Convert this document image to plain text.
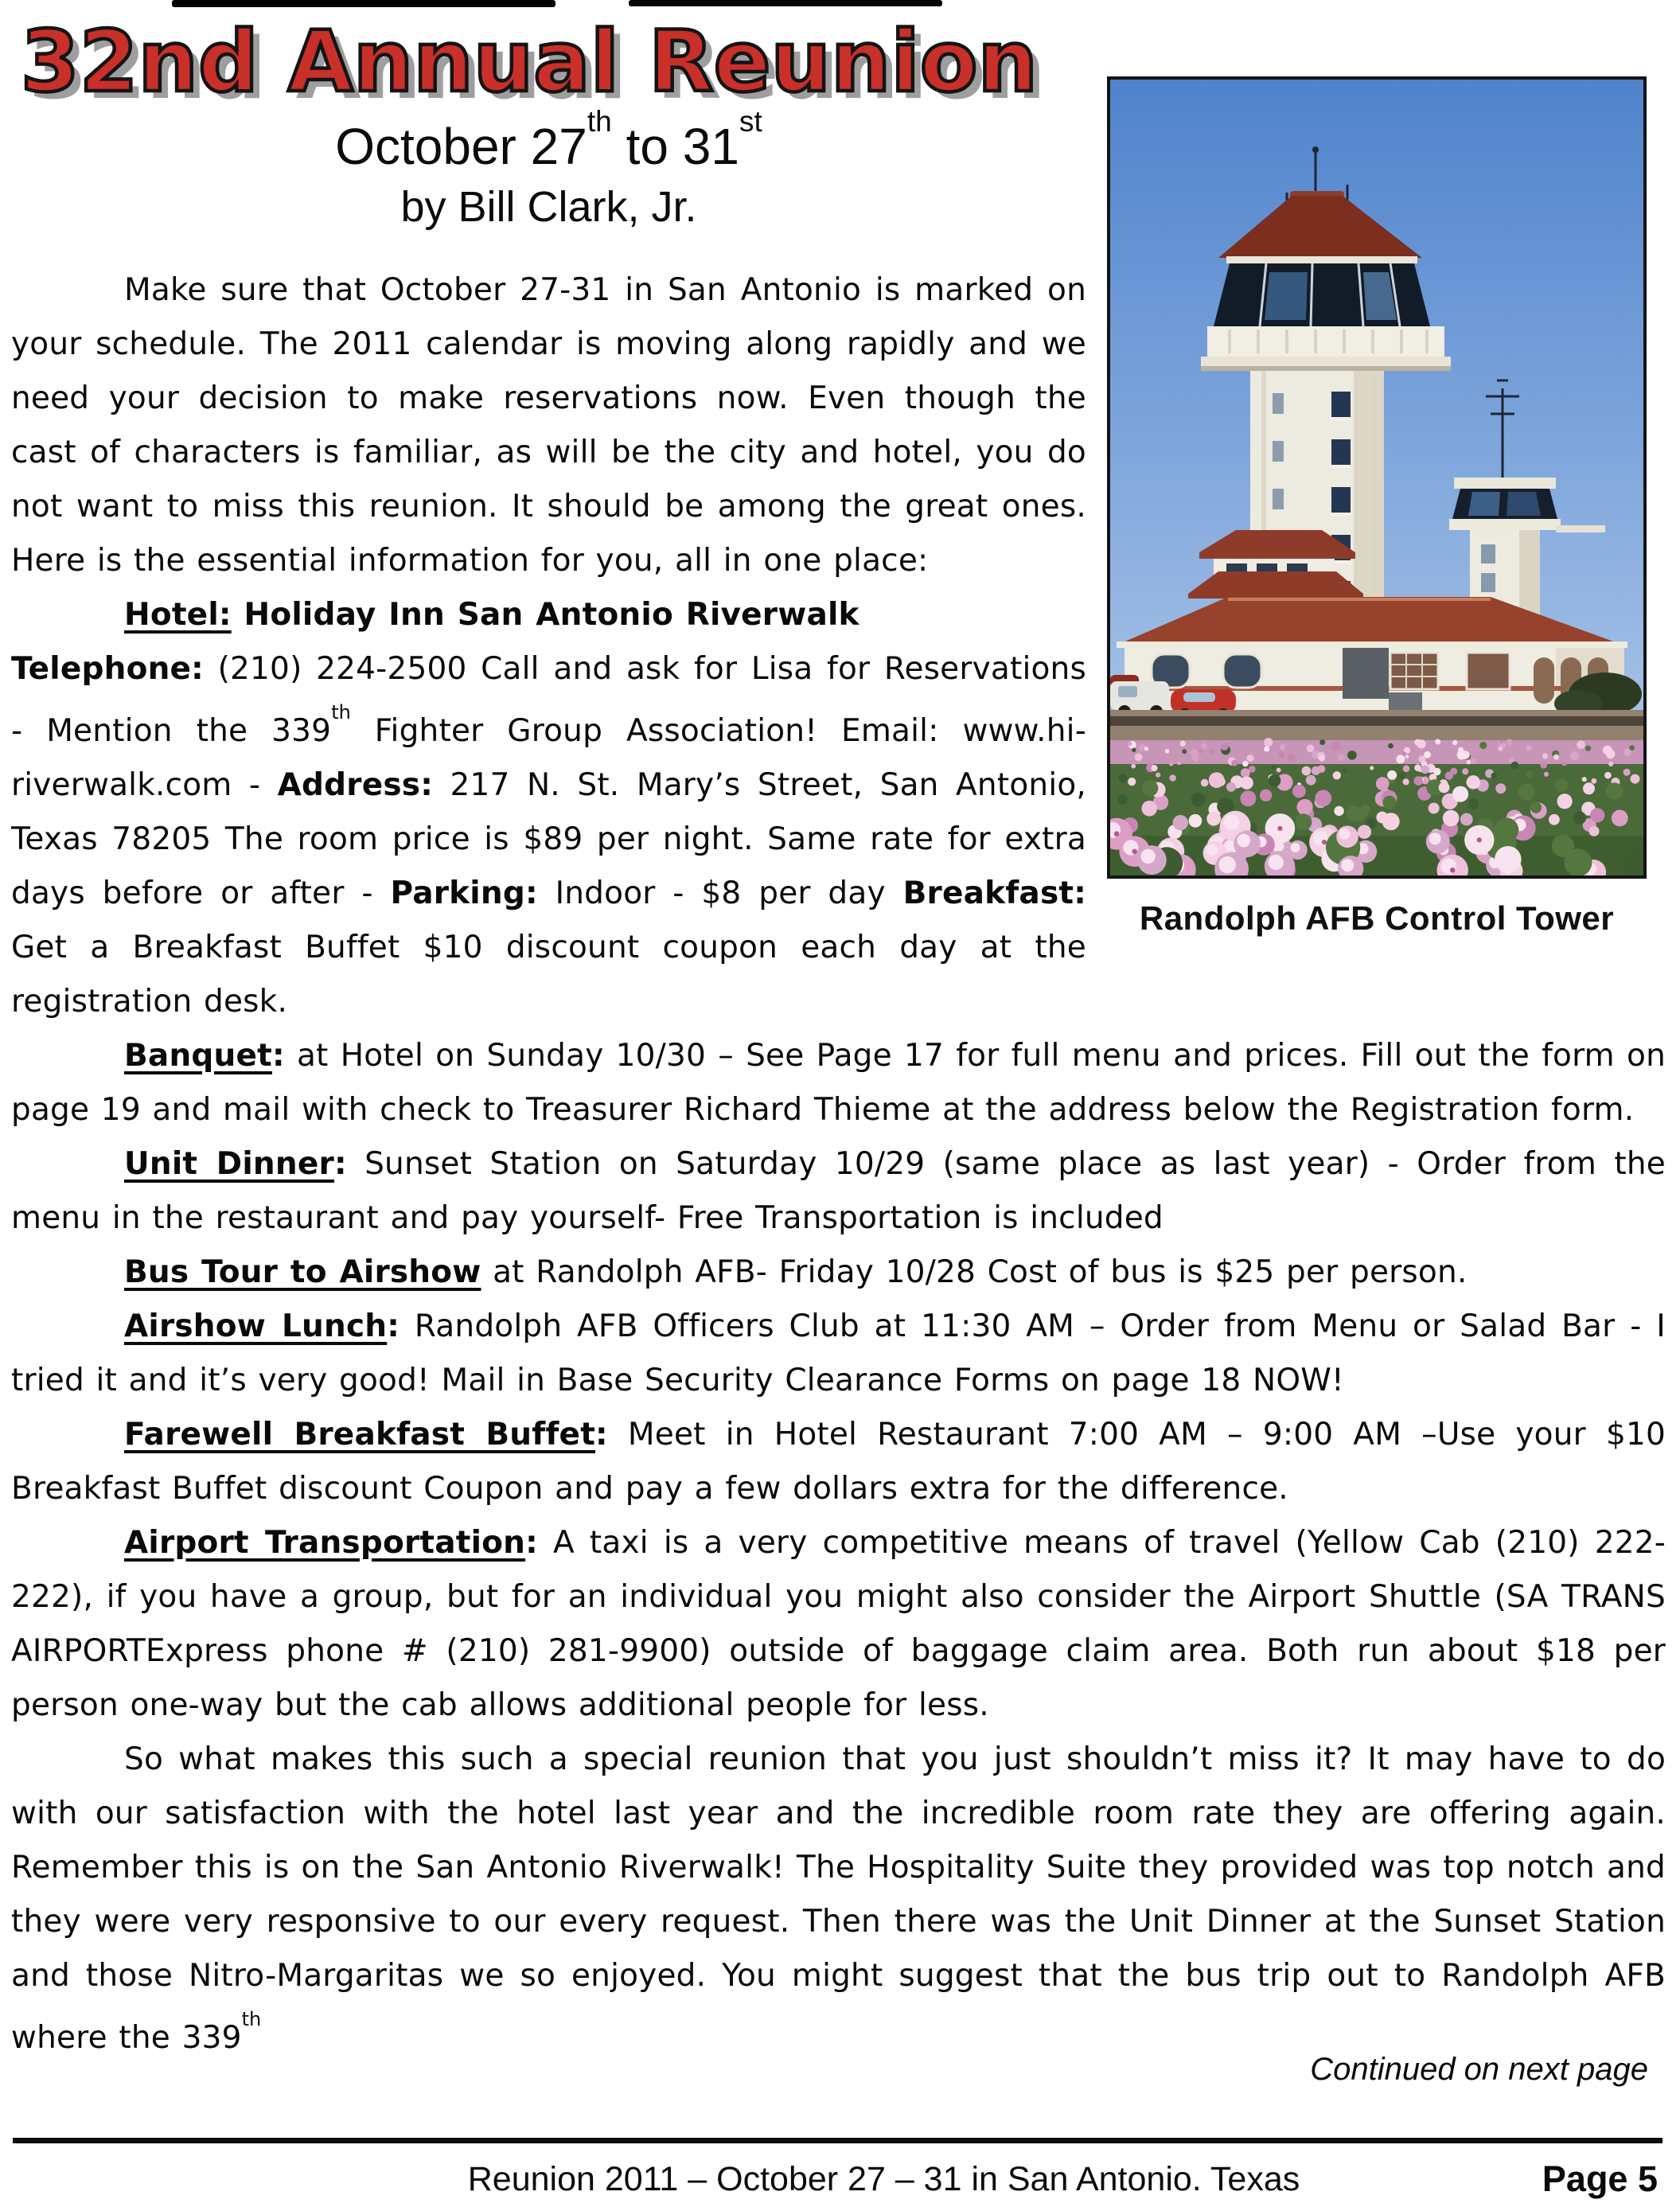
Randolph AFB Control Tower
32nd Annual Reunion
October 27th to 31st
by Bill Clark, Jr.

Make sure that October 27-31 in San Antonio is marked on your schedule. The 2011 calendar is moving along rapidly and we need your decision to make reservations now. Even though the cast of characters is familiar, as will be the city and hotel, you do not want to miss this reunion. It should be among the great ones. Here is the essential information for you, all in one place:

Hotel: Holiday Inn San Antonio Riverwalk

Telephone: (210) 224-2500 Call and ask for Lisa for Reservations - Mention the 339th Fighter Group Association! Email: www.hi-riverwalk.com - Address: 217 N. St. Mary’s Street, San Antonio, Texas 78205 The room price is $89 per night. Same rate for extra days before or after - Parking: Indoor - $8 per day Breakfast: Get a Breakfast Buffet $10 discount coupon each day at the registration desk.

Banquet: at Hotel on Sunday 10/30 – See Page 17 for full menu and prices. Fill out the form on page 19 and mail with check to Treasurer Richard Thieme at the address below the Registration form.

Unit Dinner: Sunset Station on Saturday 10/29 (same place as last year) - Order from the menu in the restaurant and pay yourself- Free Transportation is included

Bus Tour to Airshow at Randolph AFB- Friday 10/28 Cost of bus is $25 per person.

Airshow Lunch: Randolph AFB Officers Club at 11:30 AM – Order from Menu or Salad Bar - I tried it and it’s very good! Mail in Base Security Clearance Forms on page 18 NOW!

Farewell Breakfast Buffet: Meet in Hotel Restaurant 7:00 AM – 9:00 AM –Use your $10 Breakfast Buffet discount Coupon and pay a few dollars extra for the difference.

Airport Transportation: A taxi is a very competitive means of travel (Yellow Cab (210) 222-222), if you have a group, but for an individual you might also consider the Airport Shuttle (SA TRANS AIRPORTExpress phone # (210) 281-9900) outside of baggage claim area. Both run about $18 per person one-way but the cab allows additional people for less.

So what makes this such a special reunion that you just shouldn’t miss it? It may have to do with our satisfaction with the hotel last year and the incredible room rate they are offering again. Remember this is on the San Antonio Riverwalk! The Hospitality Suite they provided was top notch and they were very responsive to our every request. Then there was the Unit Dinner at the Sunset Station and those Nitro-Margaritas we so enjoyed. You might suggest that the bus trip out to Randolph AFB where the 339th

Continued on next page
Reunion 2011 – October 27 – 31 in San Antonio. Texas	Page 5
